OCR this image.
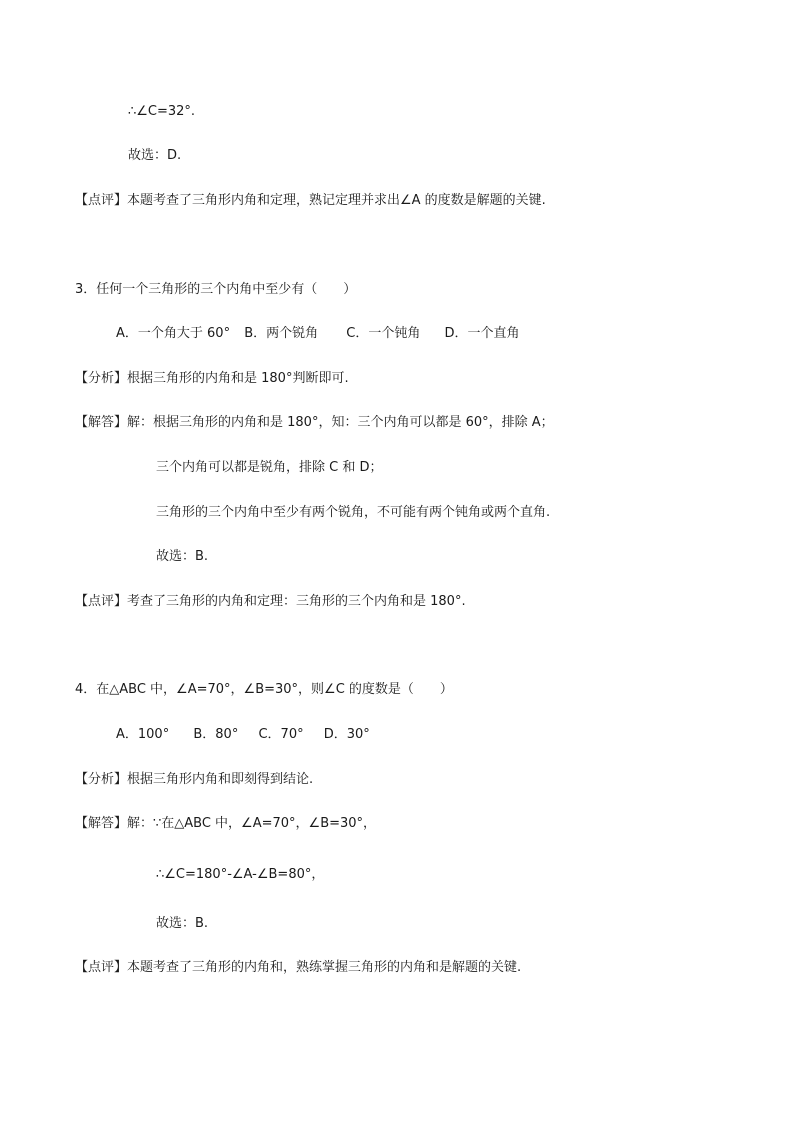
∴∠C=32°.
故选：D.
【点评】本题考查了三角形内角和定理，熟记定理并求出∠A 的度数是解题的关键.
3．任何一个三角形的三个内角中至少有（　　）
A．一个角大于 60° B．两个锐角 C．一个钝角 D．一个直角
【分析】根据三角形的内角和是 180°判断即可.
【解答】解：根据三角形的内角和是 180°，知：三个内角可以都是 60°，排除 A；
三个内角可以都是锐角，排除 C 和 D；
三角形的三个内角中至少有两个锐角，不可能有两个钝角或两个直角.
故选：B.
【点评】考查了三角形的内角和定理：三角形的三个内角和是 180°.
4．在△ABC 中，∠A=70°，∠B=30°，则∠C 的度数是（　　）
A．100° B．80° C．70° D．30°
【分析】根据三角形内角和即刻得到结论.
【解答】解：∵在△ABC 中，∠A=70°，∠B=30°，
∴∠C=180°-∠A-∠B=80°，
故选：B.
【点评】本题考查了三角形的内角和，熟练掌握三角形的内角和是解题的关键.
